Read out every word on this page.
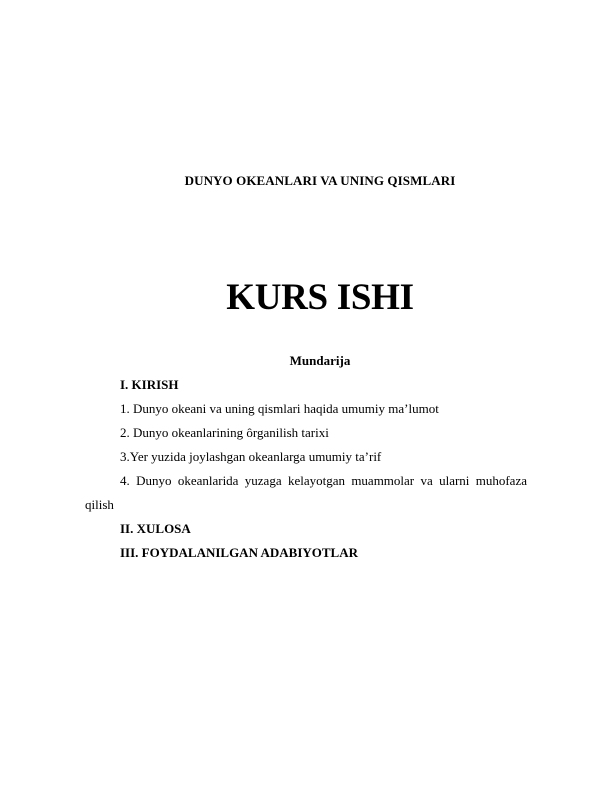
DUNYO OKEANLARI VA UNING QISMLARI
KURS ISHI
Mundarija
I. KIRISH
1. Dunyo okeani va uning qismlari haqida umumiy ma’lumot
2. Dunyo okeanlarining ôrganilish tarixi
3.Yer yuzida joylashgan okeanlarga umumiy ta’rif
4. Dunyo okeanlarida yuzaga kelayotgan muammolar va ularni muhofaza qilish
II. XULOSA
III. FOYDALANILGAN ADABIYOTLAR
